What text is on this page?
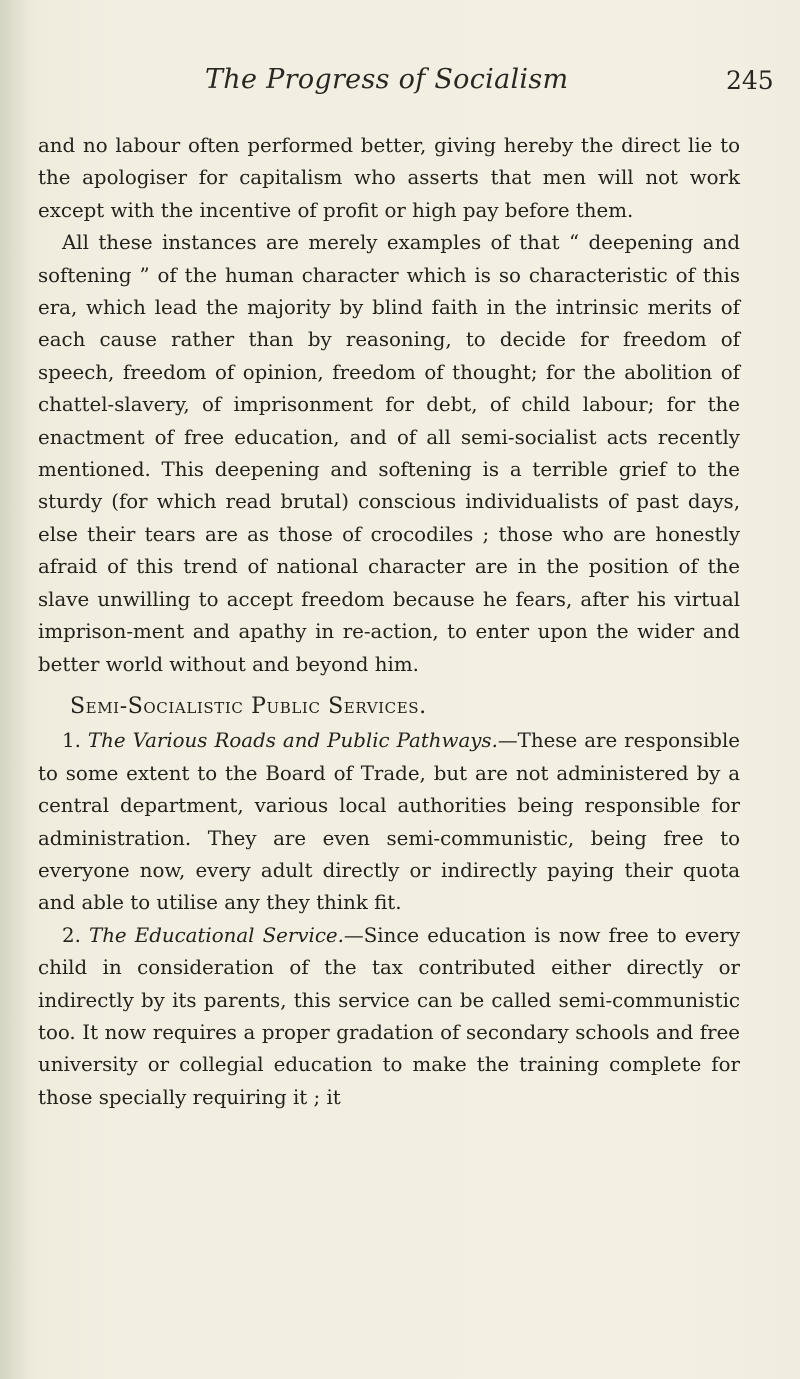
The Progress of Socialism	245

and no labour often performed better, giving hereby the direct lie to the apologiser for capitalism who asserts that men will not work except with the incentive of profit or high pay before them.

All these instances are merely examples of that “ deepening and softening ” of the human character which is so characteristic of this era, which lead the majority by blind faith in the intrinsic merits of each cause rather than by reasoning, to decide for freedom of speech, freedom of opinion, freedom of thought; for the abolition of chattel-slavery, of imprisonment for debt, of child labour; for the enactment of free education, and of all semi-socialist acts recently mentioned. This deepening and softening is a terrible grief to the sturdy (for which read brutal) conscious individualists of past days, else their tears are as those of crocodiles ; those who are honestly afraid of this trend of national character are in the position of the slave unwilling to accept freedom because he fears, after his virtual imprison-ment and apathy in re-action, to enter upon the wider and better world without and beyond him.

Semi-Socialistic Public Services.

1. The Various Roads and Public Pathways.—These are responsible to some extent to the Board of Trade, but are not administered by a central department, various local authorities being responsible for administration. They are even semi-communistic, being free to everyone now, every adult directly or indirectly paying their quota and able to utilise any they think fit.

2. The Educational Service.—Since education is now free to every child in consideration of the tax contributed either directly or indirectly by its parents, this service can be called semi-communistic too. It now requires a proper gradation of secondary schools and free university or collegial education to make the training complete for those specially requiring it ; it
